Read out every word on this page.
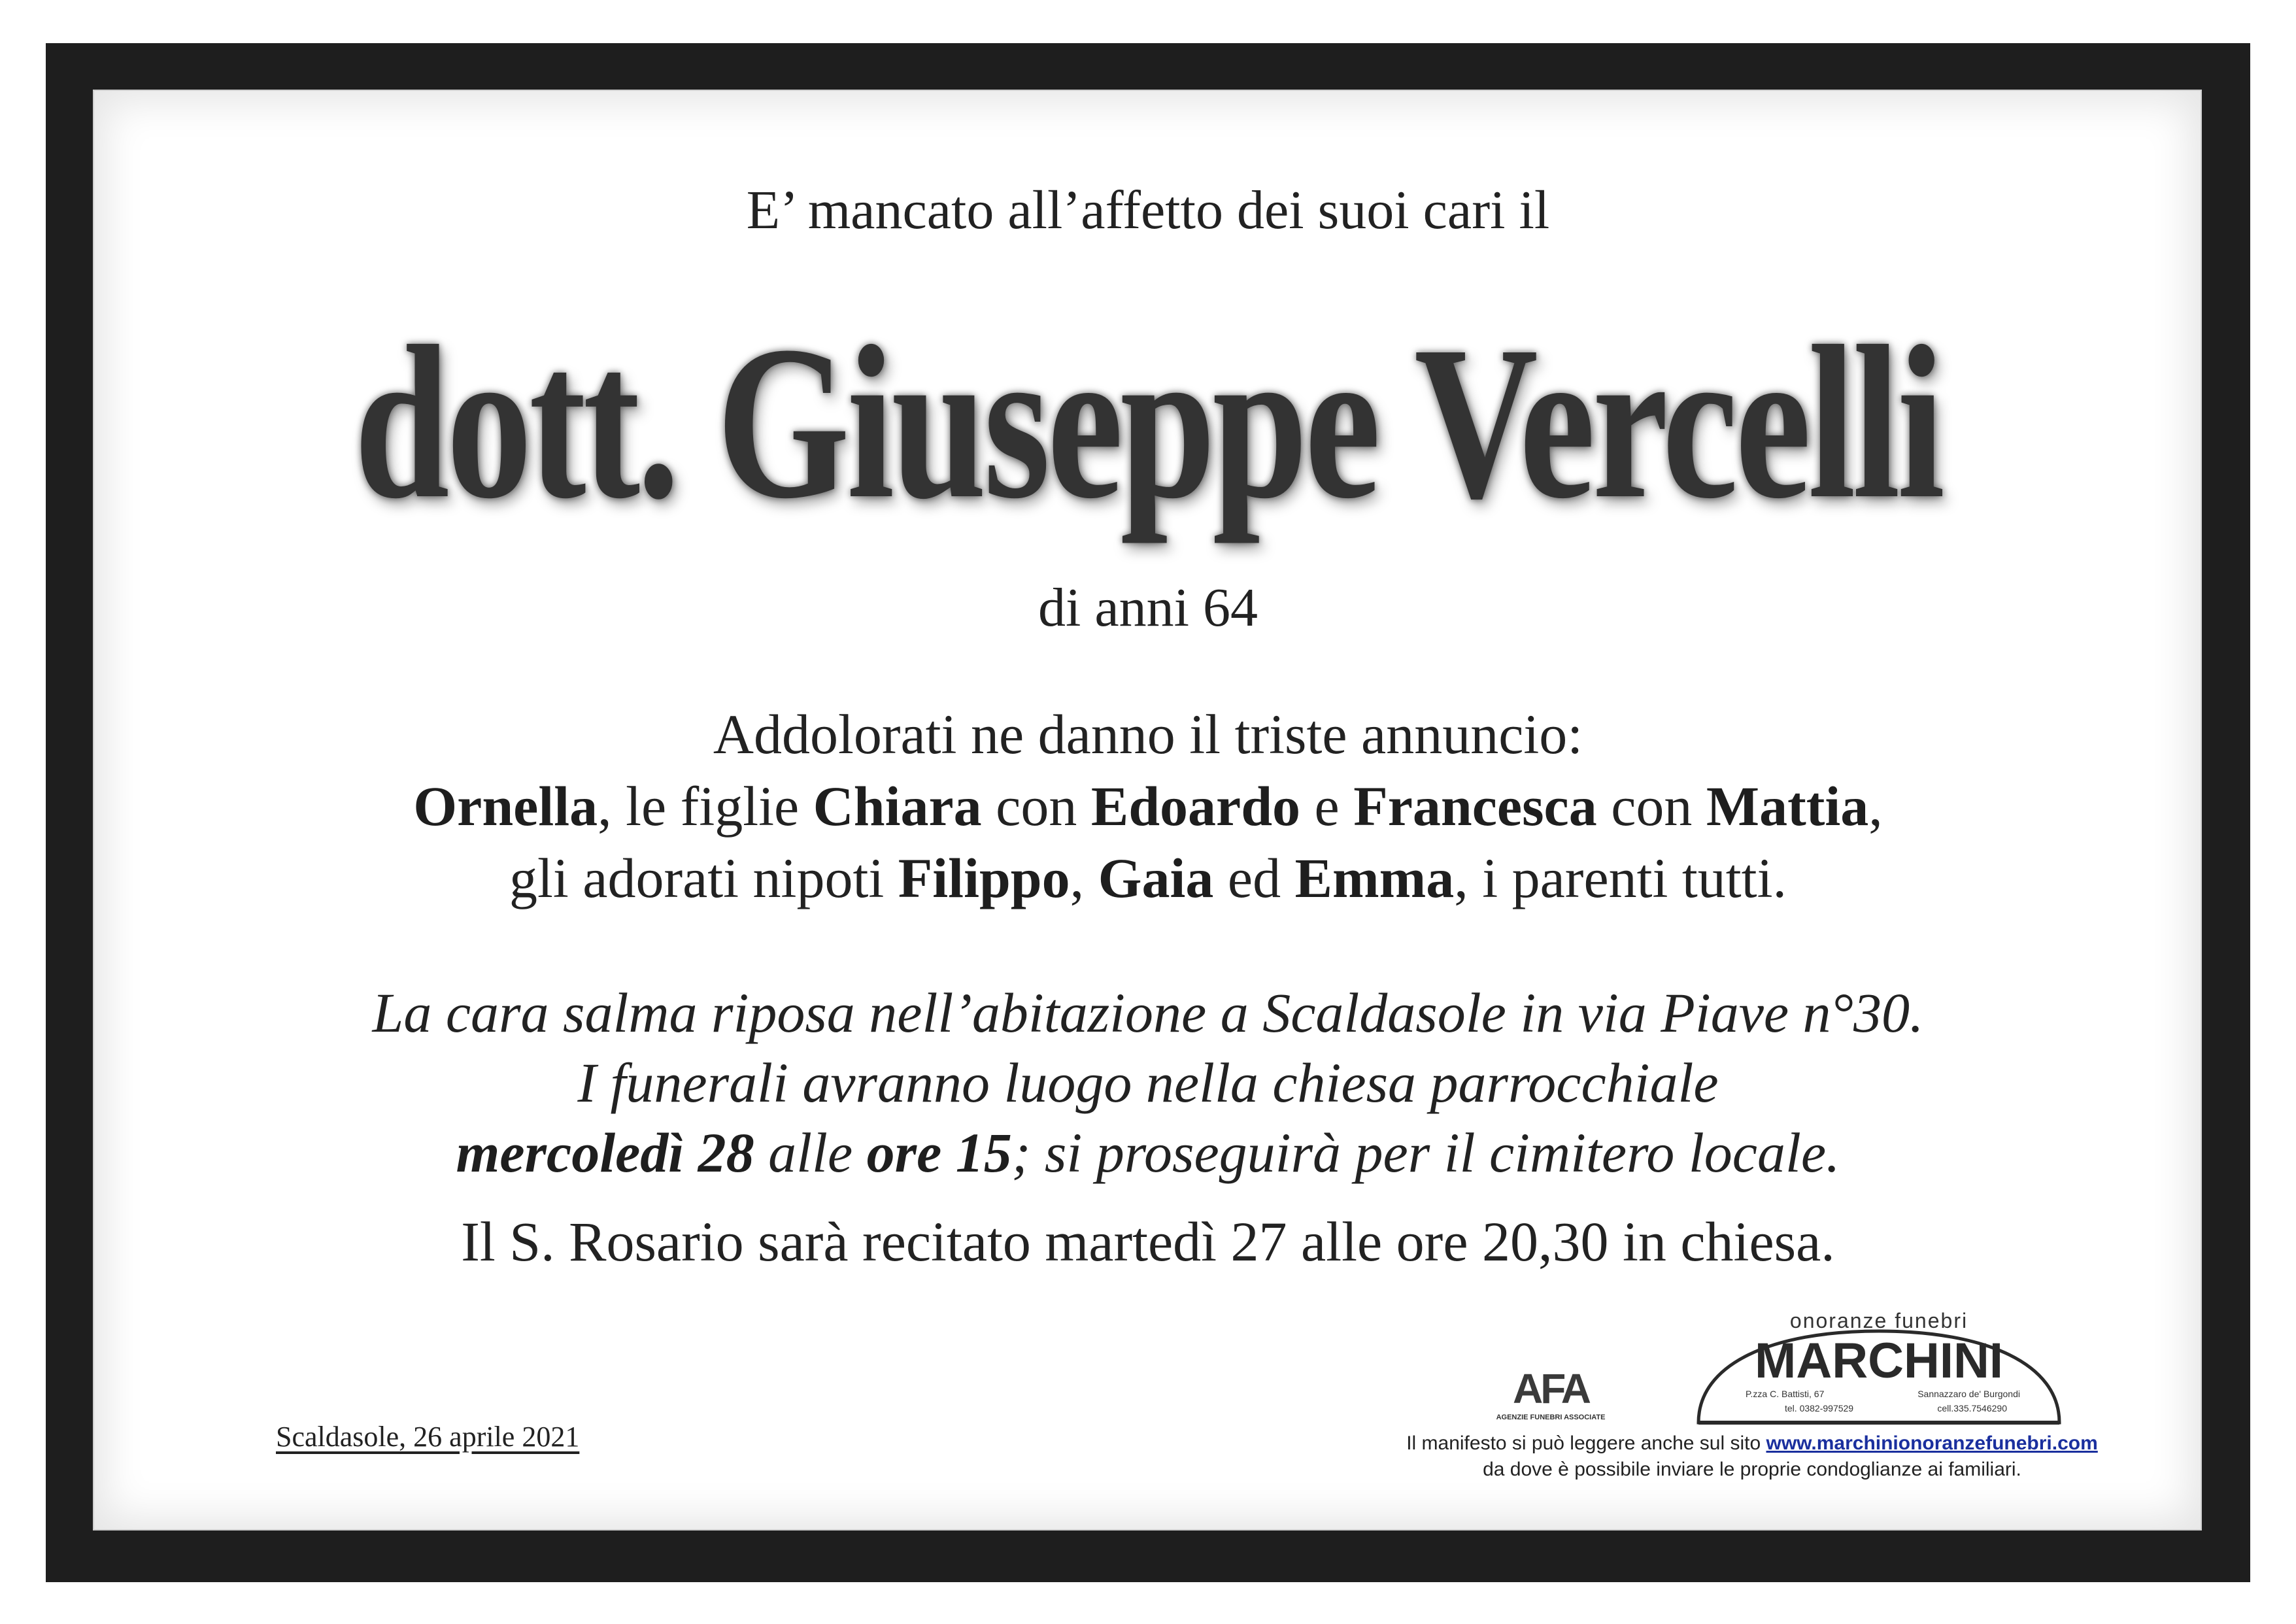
E’ mancato all’affetto dei suoi cari il
dott. Giuseppe Vercelli
di anni 64
Addolorati ne danno il triste annuncio:
Ornella, le figlie Chiara con Edoardo e Francesca con Mattia,
gli adorati nipoti Filippo, Gaia ed Emma, i parenti tutti.
La cara salma riposa nell’abitazione a Scaldasole in via Piave n°30.
I funerali avranno luogo nella chiesa parrocchiale
mercoledì 28 alle ore 15; si proseguirà per il cimitero locale.
Il S. Rosario sarà recitato martedì 27 alle ore 20,30 in chiesa.
Scaldasole, 26 aprile 2021
AFA
AGENZIE FUNEBRI ASSOCIATE
onoranze funebri
MARCHINI
P.zza C. Battisti, 67	Sannazzaro de' Burgondi
tel. 0382-997529	cell.335.7546290
Il manifesto si può leggere anche sul sito www.marchinionoranzefunebri.com
da dove è possibile inviare le proprie condoglianze ai familiari.
